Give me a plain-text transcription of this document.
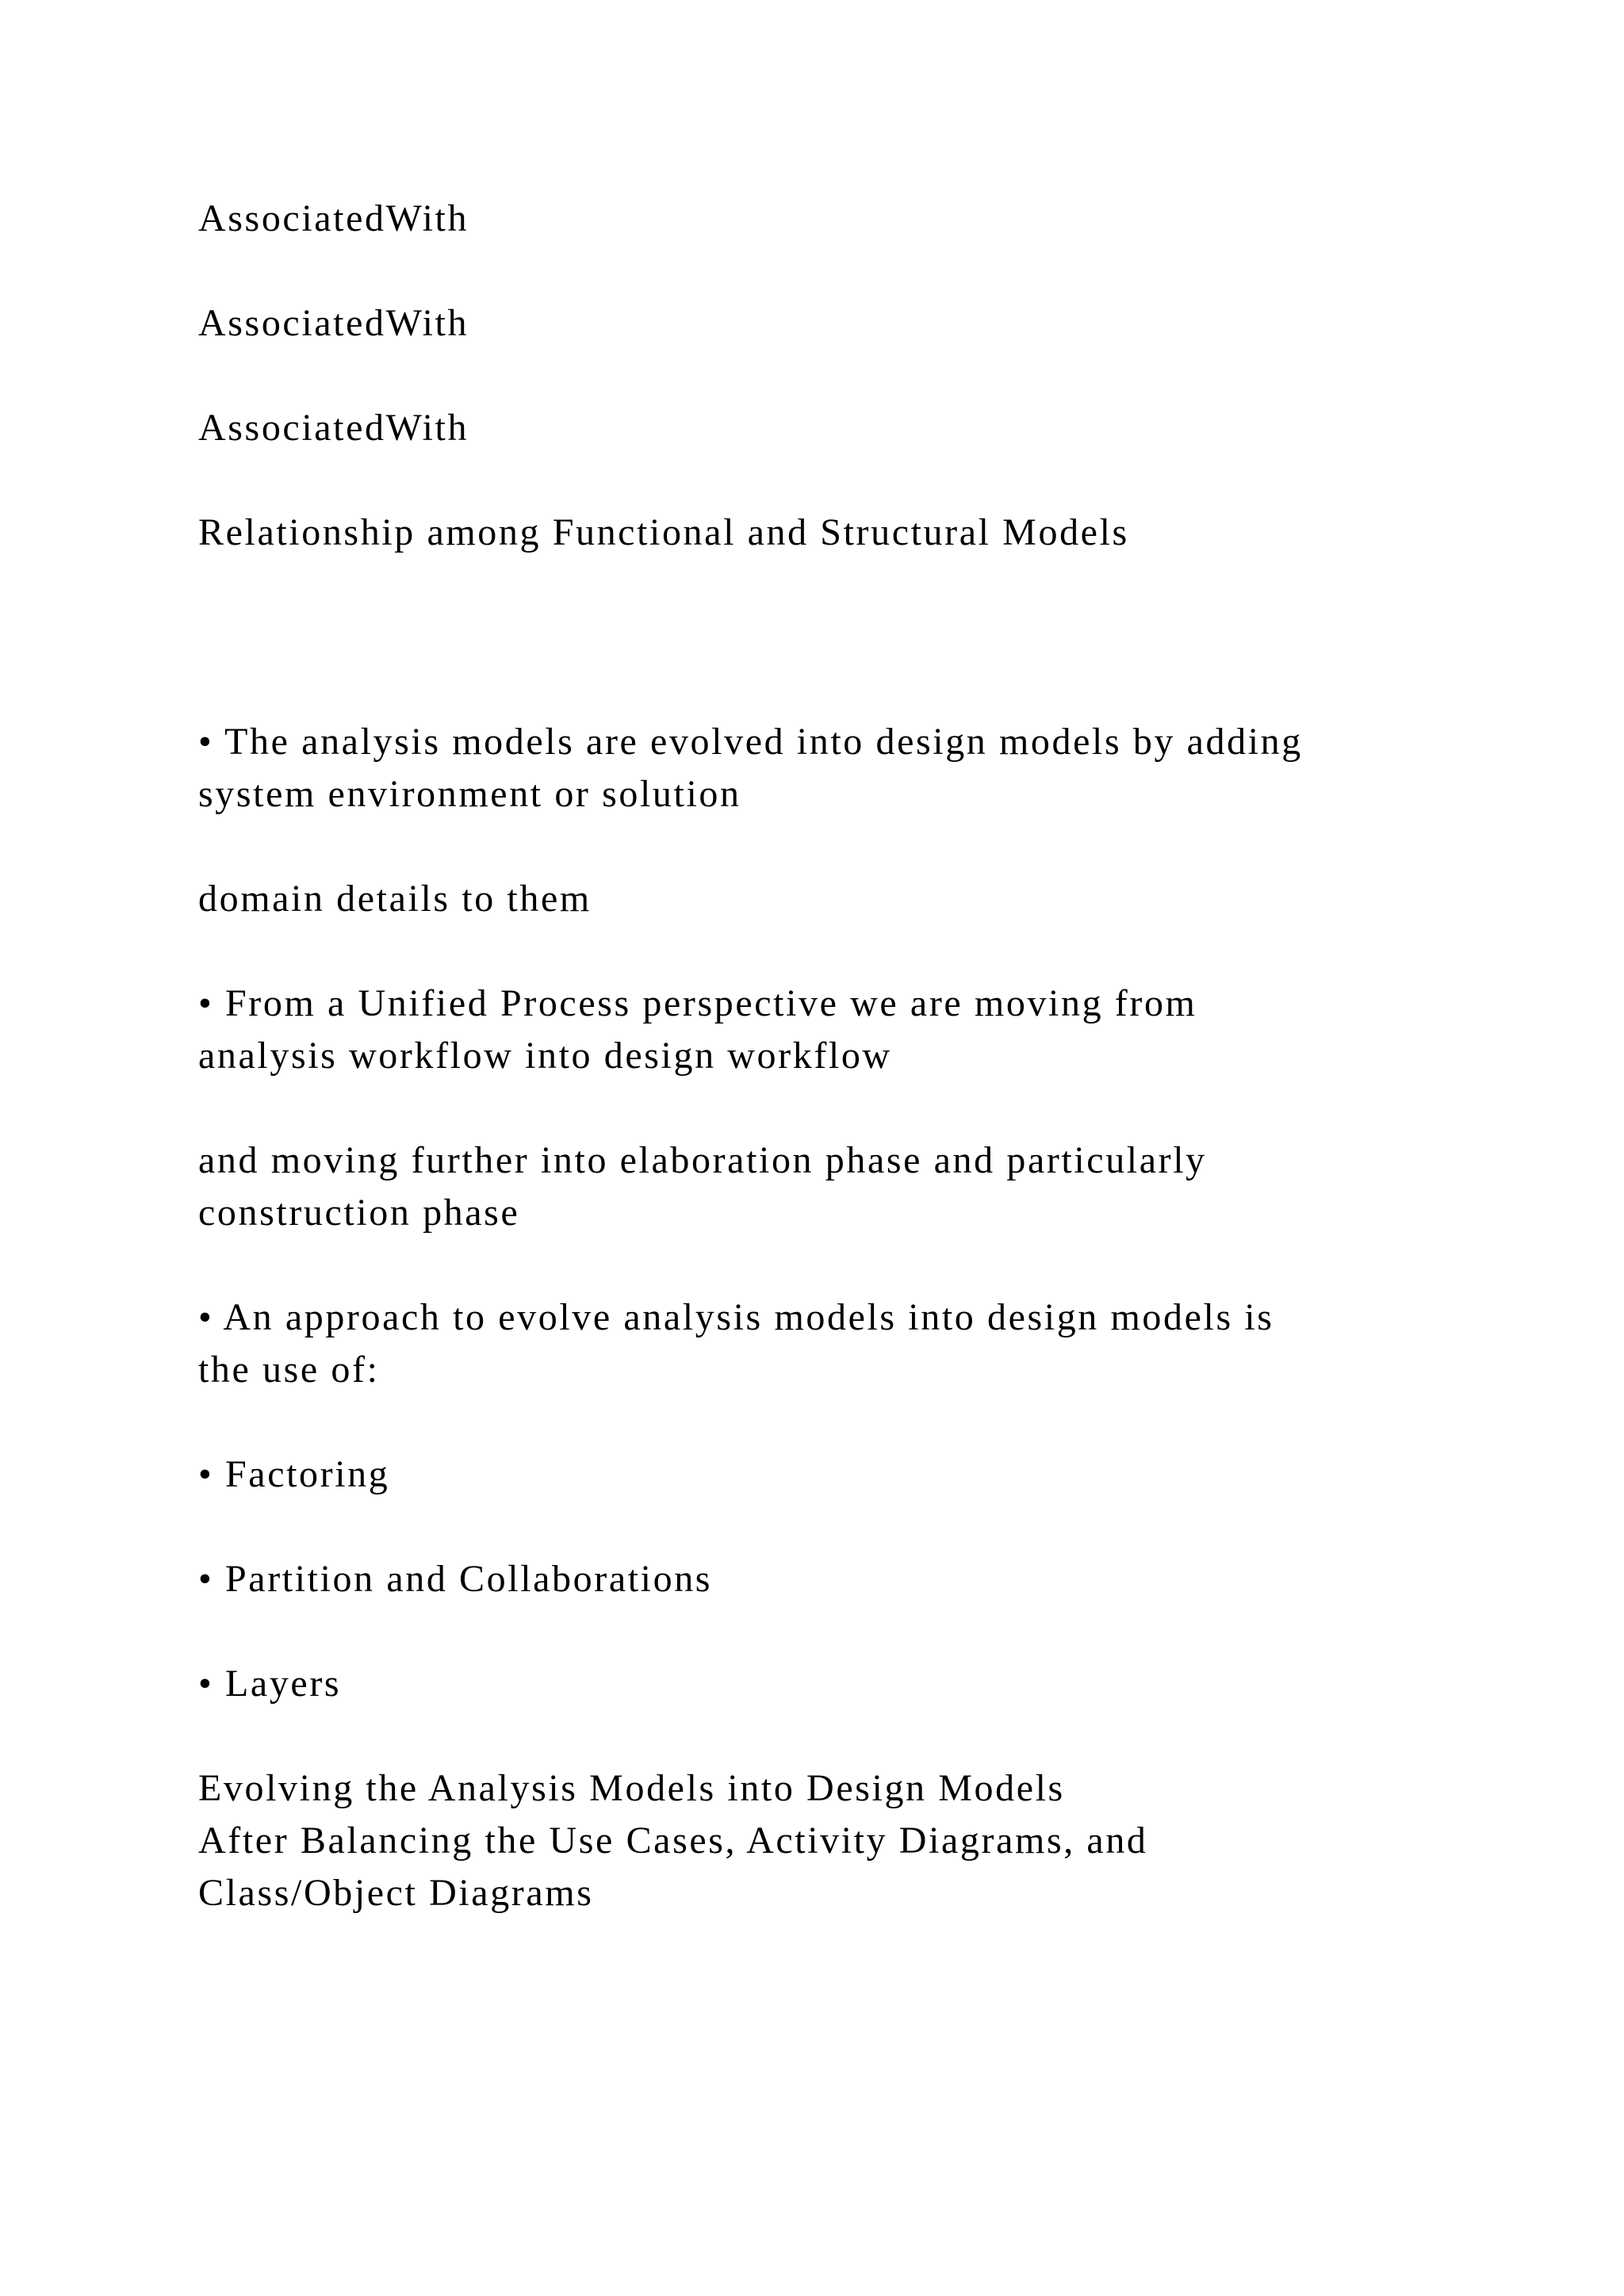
AssociatedWith

AssociatedWith

AssociatedWith

Relationship among Functional and Structural Models

• The analysis models are evolved into design models by adding

system environment or solution

domain details to them

• From a Unified Process perspective we are moving from

analysis workflow into design workflow

and moving further into elaboration phase and particularly

construction phase

• An approach to evolve analysis models into design models is

the use of:

• Factoring

• Partition and Collaborations

• Layers

Evolving the Analysis Models into Design Models

After Balancing the Use Cases, Activity Diagrams, and

Class/Object Diagrams
